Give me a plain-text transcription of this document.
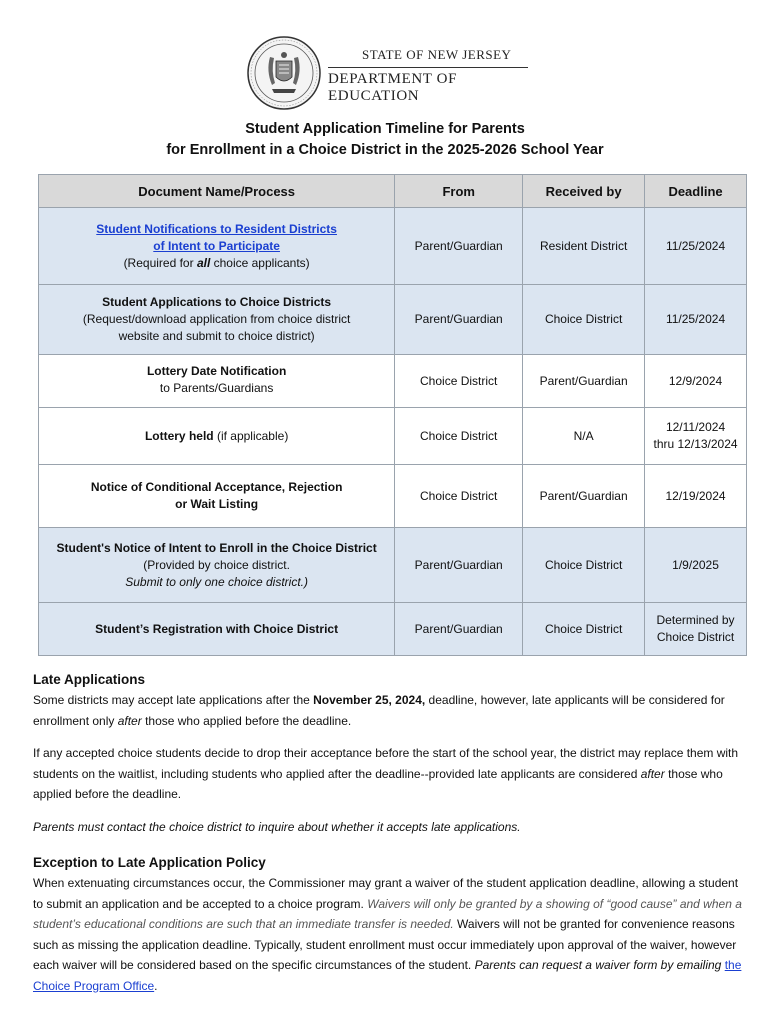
STATE OF NEW JERSEY
DEPARTMENT OF EDUCATION
Student Application Timeline for Parents
for Enrollment in a Choice District in the 2025-2026 School Year
Document Name/Process	From	Received by	Deadline
Student Notifications to Resident Districts
of Intent to Participate
(Required for all choice applicants)	Parent/Guardian	Resident District	11/25/2024
Student Applications to Choice Districts
(Request/download application from choice district
website and submit to choice district)	Parent/Guardian	Choice District	11/25/2024
Lottery Date Notification
to Parents/Guardians	Choice District	Parent/Guardian	12/9/2024
Lottery held (if applicable)	Choice District	N/A	12/11/2024
thru 12/13/2024
Notice of Conditional Acceptance, Rejection
or Wait Listing	Choice District	Parent/Guardian	12/19/2024
Student's Notice of Intent to Enroll in the Choice District
(Provided by choice district.
Submit to only one choice district.)	Parent/Guardian	Choice District	1/9/2025
Student’s Registration with Choice District	Parent/Guardian	Choice District	Determined by
Choice District
Late Applications

Some districts may accept late applications after the November 25, 2024, deadline, however, late applicants will be considered for enrollment only after those who applied before the deadline.

If any accepted choice students decide to drop their acceptance before the start of the school year, the district may replace them with students on the waitlist, including students who applied after the deadline--provided late applicants are considered after those who applied before the deadline.

Parents must contact the choice district to inquire about whether it accepts late applications.

Exception to Late Application Policy

When extenuating circumstances occur, the Commissioner may grant a waiver of the student application deadline, allowing a student to submit an application and be accepted to a choice program. Waivers will only be granted by a showing of “good cause” and when a student’s educational conditions are such that an immediate transfer is needed. Waivers will not be granted for convenience reasons such as missing the application deadline. Typically, student enrollment must occur immediately upon approval of the waiver, however each waiver will be considered based on the specific circumstances of the student. Parents can request a waiver form by emailing the Choice Program Office.
